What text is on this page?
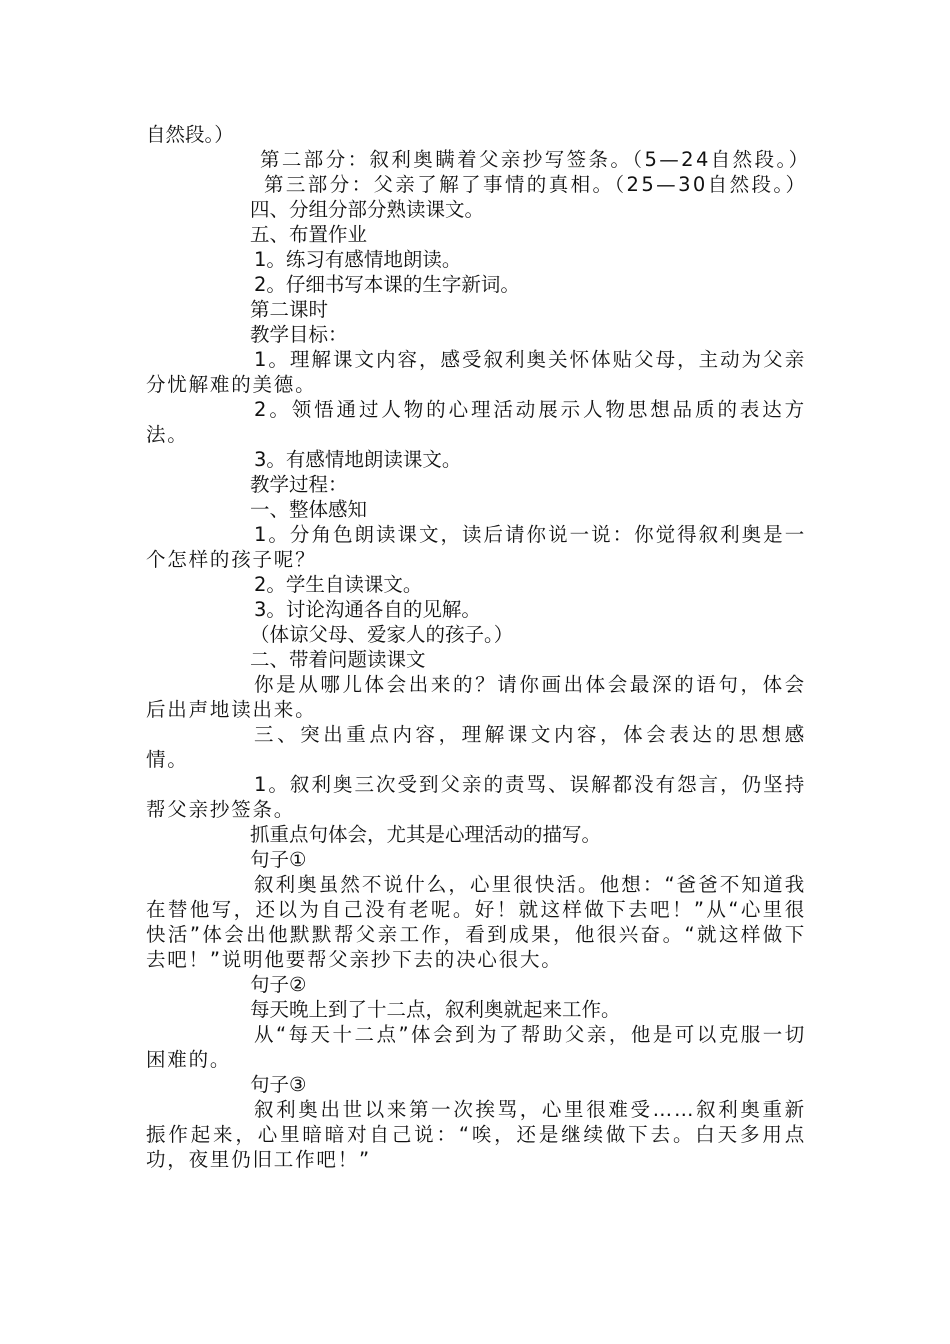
自然段。）

第二部分：叙利奥瞒着父亲抄写签条。（5—24自然段。）

第三部分：父亲了解了事情的真相。（25—30自然段。）

四、分组分部分熟读课文。

五、布置作业

1。练习有感情地朗读。

2。仔细书写本课的生字新词。

第二课时

教学目标：

1。理解课文内容，感受叙利奥关怀体贴父母，主动为父亲分忧解难的美德。

2。领悟通过人物的心理活动展示人物思想品质的表达方法。

3。有感情地朗读课文。

教学过程：

一、整体感知

1。分角色朗读课文，读后请你说一说：你觉得叙利奥是一个怎样的孩子呢？

2。学生自读课文。

3。讨论沟通各自的见解。

（体谅父母、爱家人的孩子。）

二、带着问题读课文

你是从哪儿体会出来的？请你画出体会最深的语句，体会后出声地读出来。

三、突出重点内容，理解课文内容，体会表达的思想感情。

1。叙利奥三次受到父亲的责骂、误解都没有怨言，仍坚持帮父亲抄签条。

抓重点句体会，尤其是心理活动的描写。

句子①

叙利奥虽然不说什么，心里很快活。他想：“爸爸不知道我在替他写，还以为自己没有老呢。好！就这样做下去吧！”从“心里很快活”体会出他默默帮父亲工作，看到成果，他很兴奋。“就这样做下去吧！”说明他要帮父亲抄下去的决心很大。

句子②

每天晚上到了十二点，叙利奥就起来工作。

从“每天十二点”体会到为了帮助父亲，他是可以克服一切困难的。

句子③

叙利奥出世以来第一次挨骂，心里很难受……叙利奥重新振作起来，心里暗暗对自己说：“唉，还是继续做下去。白天多用点功，夜里仍旧工作吧！”
